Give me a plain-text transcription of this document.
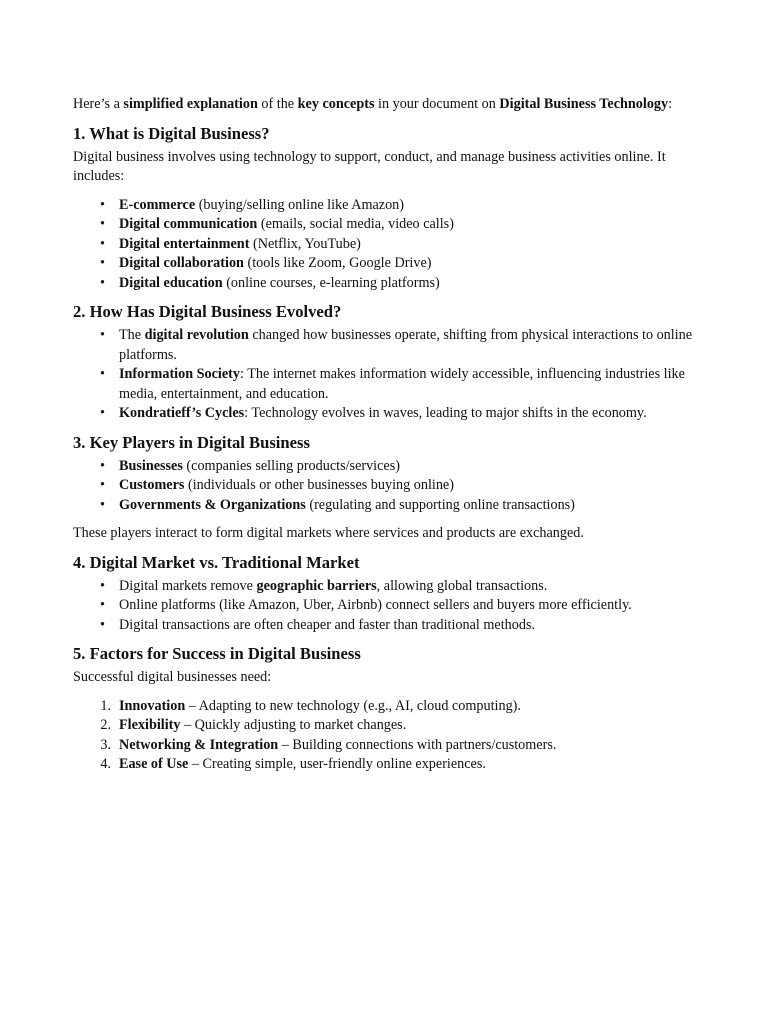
Here’s a simplified explanation of the key concepts in your document on Digital Business Technology:

1. What is Digital Business?

Digital business involves using technology to support, conduct, and manage business activities online. It includes:

• E-commerce (buying/selling online like Amazon)
• Digital communication (emails, social media, video calls)
• Digital entertainment (Netflix, YouTube)
• Digital collaboration (tools like Zoom, Google Drive)
• Digital education (online courses, e-learning platforms)
2. How Has Digital Business Evolved?
• The digital revolution changed how businesses operate, shifting from physical interactions to online platforms.
• Information Society: The internet makes information widely accessible, influencing industries like media, entertainment, and education.
• Kondratieff’s Cycles: Technology evolves in waves, leading to major shifts in the economy.
3. Key Players in Digital Business
• Businesses (companies selling products/services)
• Customers (individuals or other businesses buying online)
• Governments & Organizations (regulating and supporting online transactions)

These players interact to form digital markets where services and products are exchanged.

4. Digital Market vs. Traditional Market
• Digital markets remove geographic barriers, allowing global transactions.
• Online platforms (like Amazon, Uber, Airbnb) connect sellers and buyers more efficiently.
• Digital transactions are often cheaper and faster than traditional methods.
5. Factors for Success in Digital Business

Successful digital businesses need:

1. Innovation – Adapting to new technology (e.g., AI, cloud computing).
2. Flexibility – Quickly adjusting to market changes.
3. Networking & Integration – Building connections with partners/customers.
4. Ease of Use – Creating simple, user-friendly online experiences.
